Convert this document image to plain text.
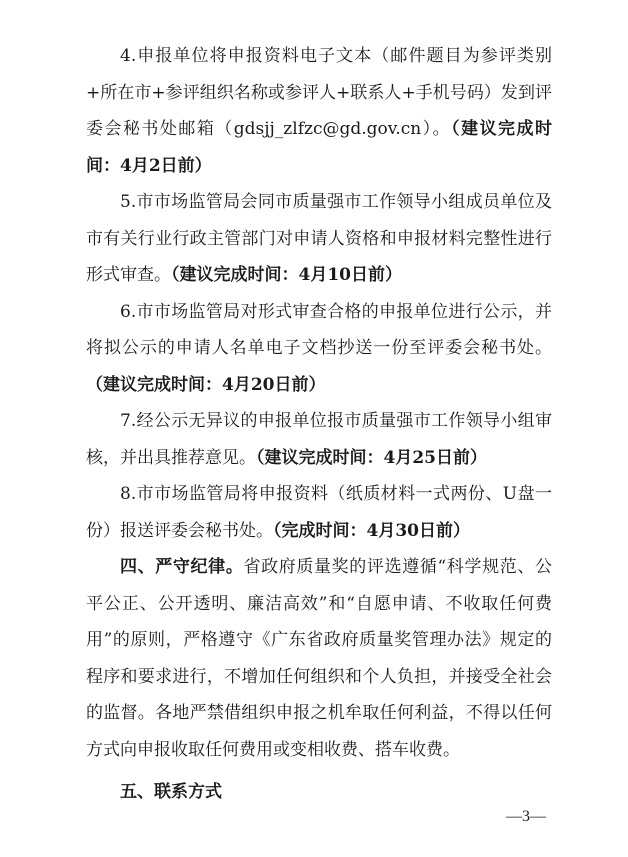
4.申报单位将申报资料电子文本（邮件题目为参评类别+所在市+参评组织名称或参评人+联系人+手机号码）发到评委会秘书处邮箱（gdsjj_zlfzc@gd.gov.cn）。（建议完成时间：4月2日前）

5.市市场监管局会同市质量强市工作领导小组成员单位及市有关行业行政主管部门对申请人资格和申报材料完整性进行形式审查。（建议完成时间：4月10日前）

6.市市场监管局对形式审查合格的申报单位进行公示，并将拟公示的申请人名单电子文档抄送一份至评委会秘书处。（建议完成时间：4月20日前）

7.经公示无异议的申报单位报市质量强市工作领导小组审核，并出具推荐意见。（建议完成时间：4月25日前）

8.市市场监管局将申报资料（纸质材料一式两份、U盘一份）报送评委会秘书处。（完成时间：4月30日前）

四、严守纪律。省政府质量奖的评选遵循“科学规范、公平公正、公开透明、廉洁高效”和“自愿申请、不收取任何费用”的原则，严格遵守《广东省政府质量奖管理办法》规定的程序和要求进行，不增加任何组织和个人负担，并接受全社会的监督。各地严禁借组织申报之机牟取任何利益，不得以任何方式向申报收取任何费用或变相收费、搭车收费。

五、联系方式

—3—
